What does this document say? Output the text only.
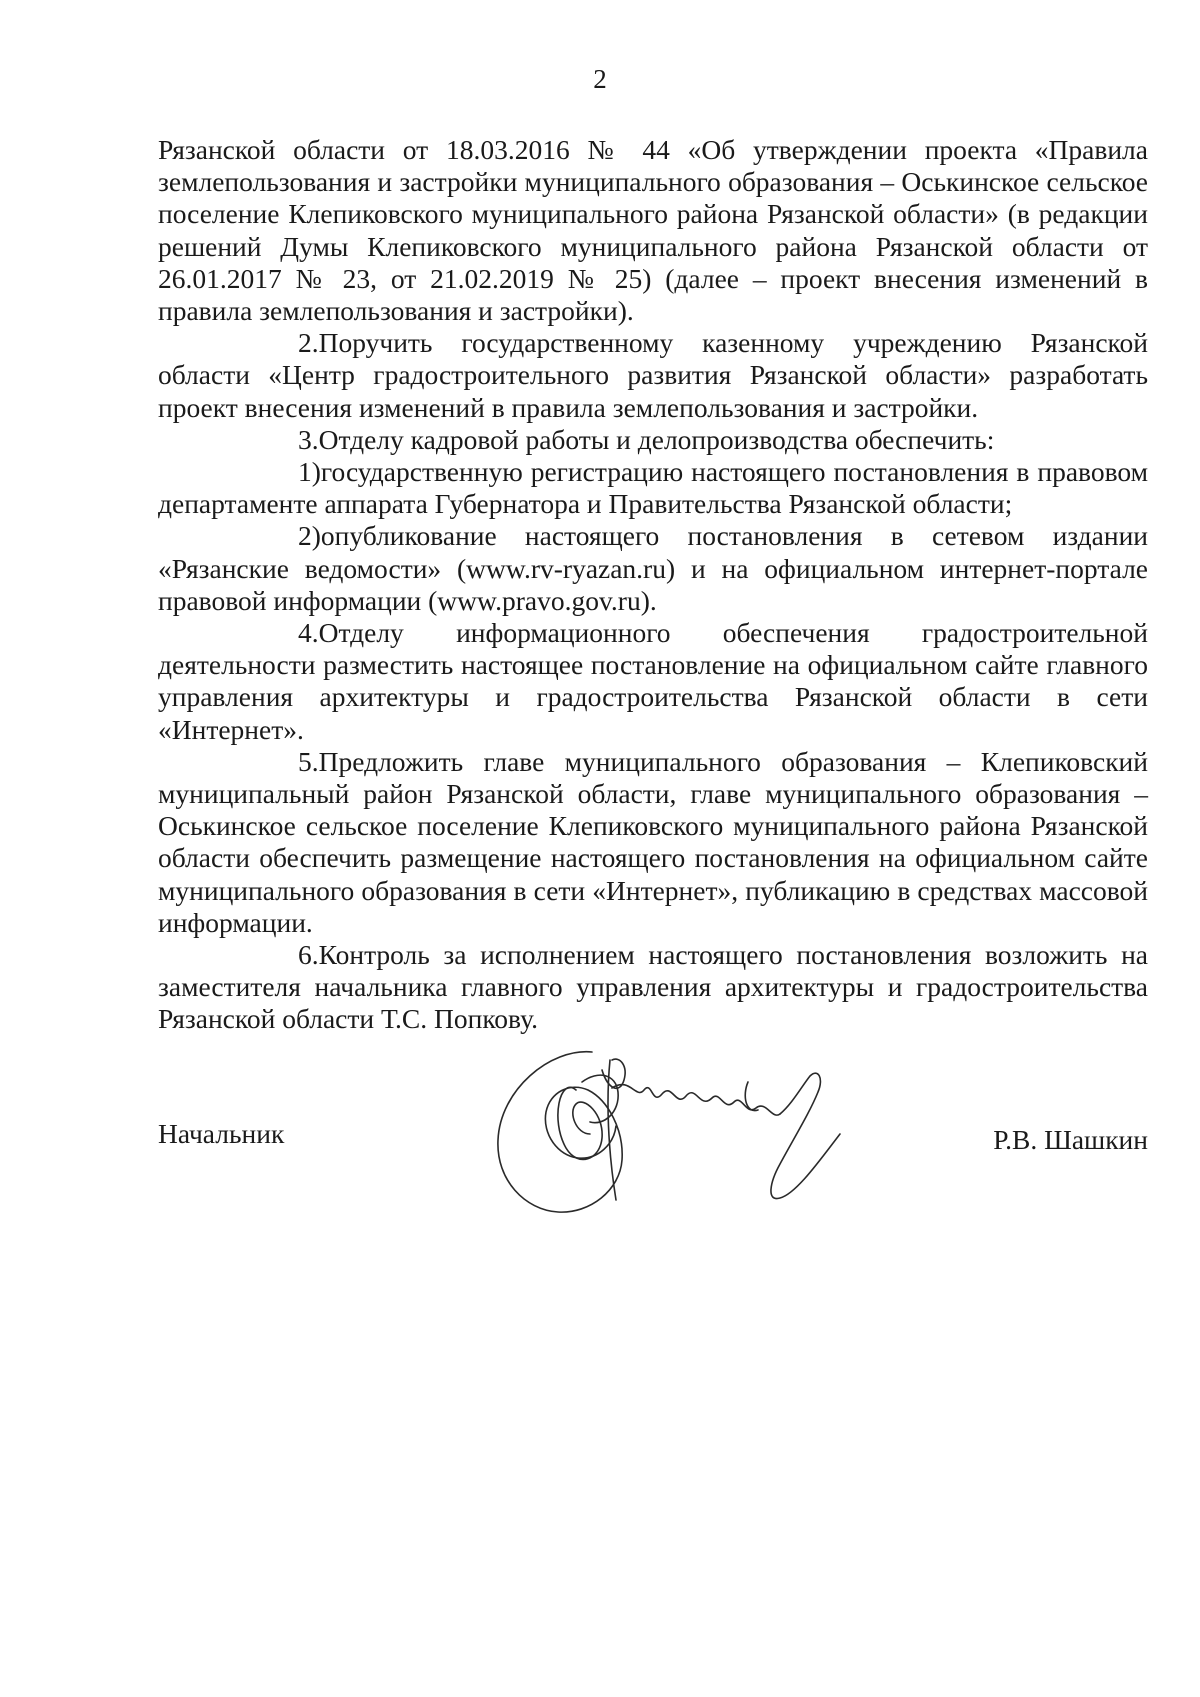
2

Рязанской области от 18.03.2016 № 44 «Об утверждении проекта «Правила землепользования и застройки муниципального образования – Оськинское сельское поселение Клепиковского муниципального района Рязанской области» (в редакции решений Думы Клепиковского муниципального района Рязанской области от 26.01.2017 № 23, от 21.02.2019 № 25) (далее – проект внесения изменений в правила землепользования и застройки).

2.Поручить государственному казенному учреждению Рязанской области «Центр градостроительного развития Рязанской области» разработать проект внесения изменений в правила землепользования и застройки.

3.Отделу кадровой работы и делопроизводства обеспечить:

1)государственную регистрацию настоящего постановления в правовом департаменте аппарата Губернатора и Правительства Рязанской области;

2)опубликование настоящего постановления в сетевом издании «Рязанские ведомости» (www.rv-ryazan.ru) и на официальном интернет-портале правовой информации (www.pravo.gov.ru).

4.Отделу информационного обеспечения градостроительной деятельности разместить настоящее постановление на официальном сайте главного управления архитектуры и градостроительства Рязанской области в сети «Интернет».

5.Предложить главе муниципального образования – Клепиковский муниципальный район Рязанской области, главе муниципального образования – Оськинское сельское поселение Клепиковского муниципального района Рязанской области обеспечить размещение настоящего постановления на официальном сайте муниципального образования в сети «Интернет», публикацию в средствах массовой информации.

6.Контроль за исполнением настоящего постановления возложить на заместителя начальника главного управления архитектуры и градостроительства Рязанской области Т.С. Попкову.

Начальник	Р.В. Шашкин
